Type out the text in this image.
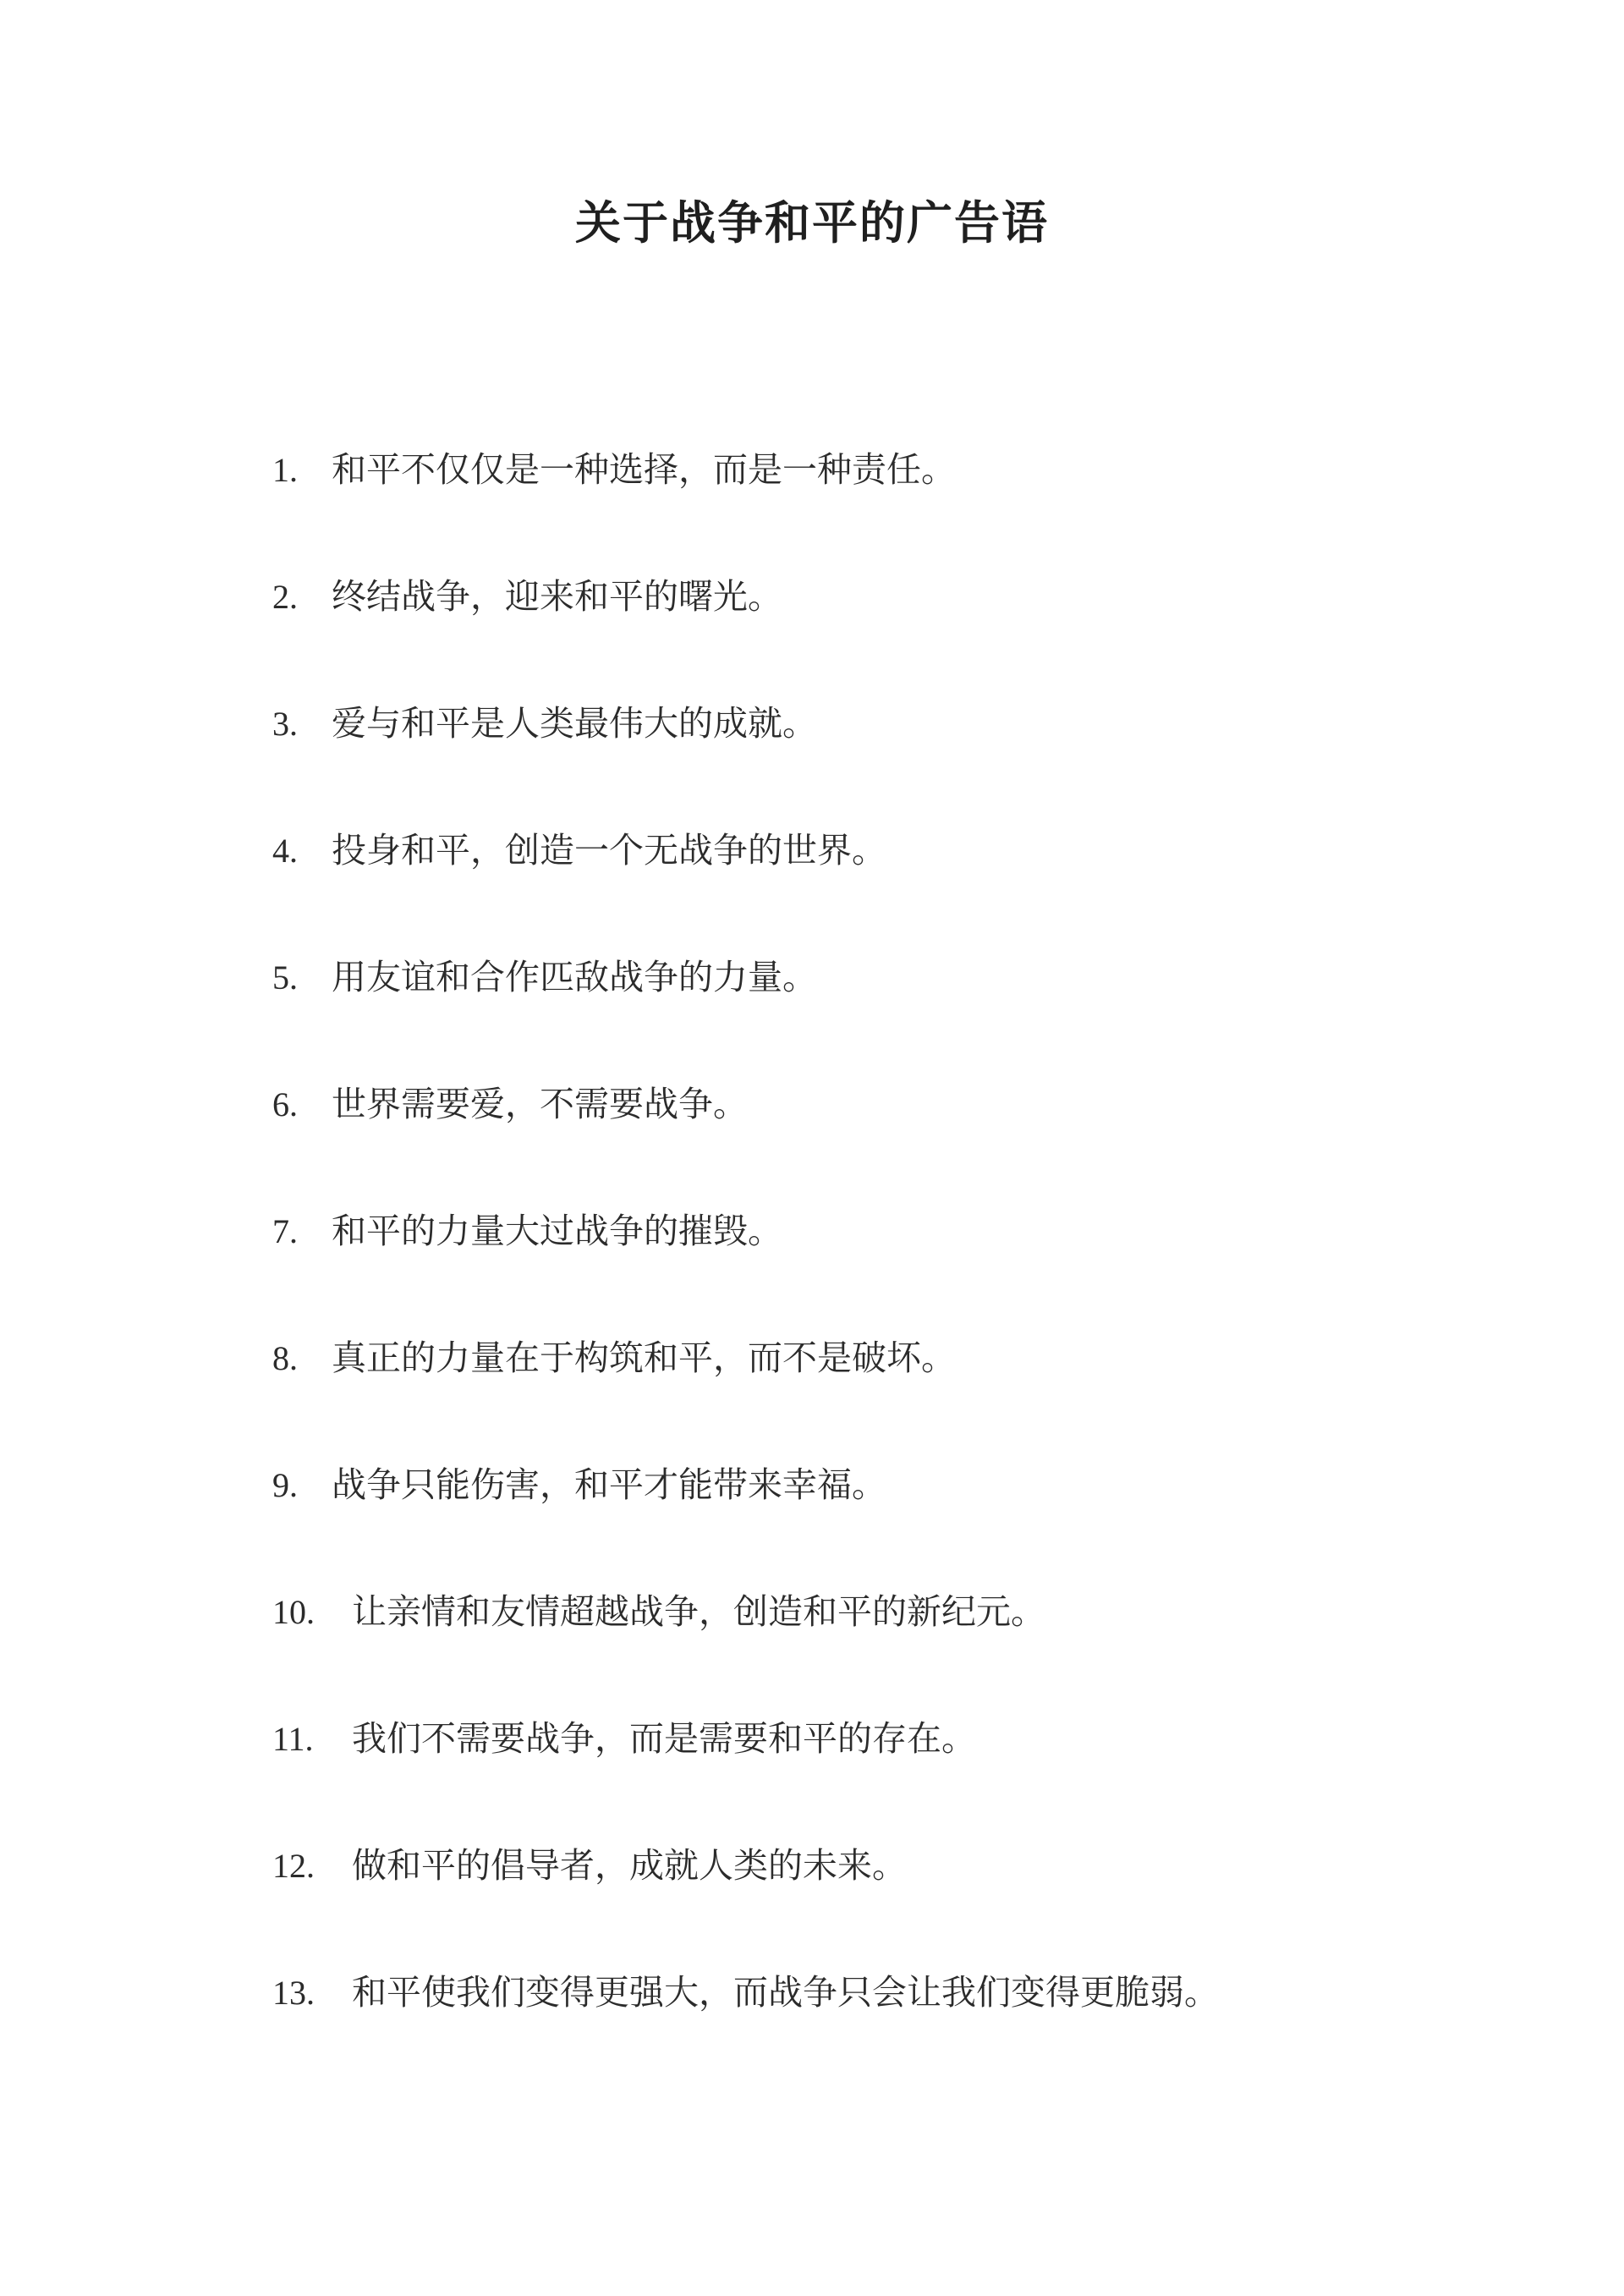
关于战争和平的广告语
1. 和平不仅仅是一种选择，而是一种责任。
2. 终结战争，迎来和平的曙光。
3. 爱与和平是人类最伟大的成就。
4. 投身和平，创造一个无战争的世界。
5. 用友谊和合作匹敌战争的力量。
6. 世界需要爱，不需要战争。
7. 和平的力量大过战争的摧毁。
8. 真正的力量在于构筑和平，而不是破坏。
9. 战争只能伤害，和平才能带来幸福。
10. 让亲情和友情超越战争，创造和平的新纪元。
11. 我们不需要战争，而是需要和平的存在。
12. 做和平的倡导者，成就人类的未来。
13. 和平使我们变得更强大，而战争只会让我们变得更脆弱。
